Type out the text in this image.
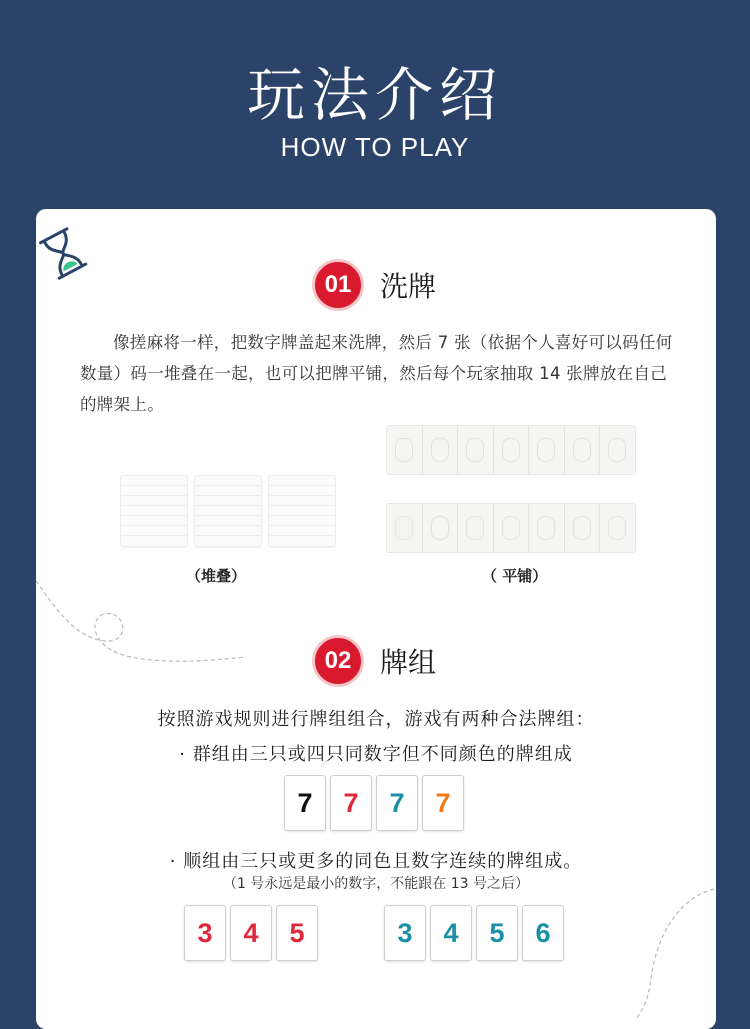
玩法介绍
HOW TO PLAY
01	洗牌
像搓麻将一样，把数字牌盖起来洗牌，然后 7 张（依据个人喜好可以码任何数量）码一堆叠在一起，也可以把牌平铺，然后每个玩家抽取 14 张牌放在自己的牌架上。
（堆叠）	（ 平铺）
02	牌组
按照游戏规则进行牌组组合，游戏有两种合法牌组：
· 群组由三只或四只同数字但不同颜色的牌组成
7	7	7	7
· 顺组由三只或更多的同色且数字连续的牌组成。
（1 号永远是最小的数字，不能跟在 13 号之后）
3	4	5	3	4	5	6
